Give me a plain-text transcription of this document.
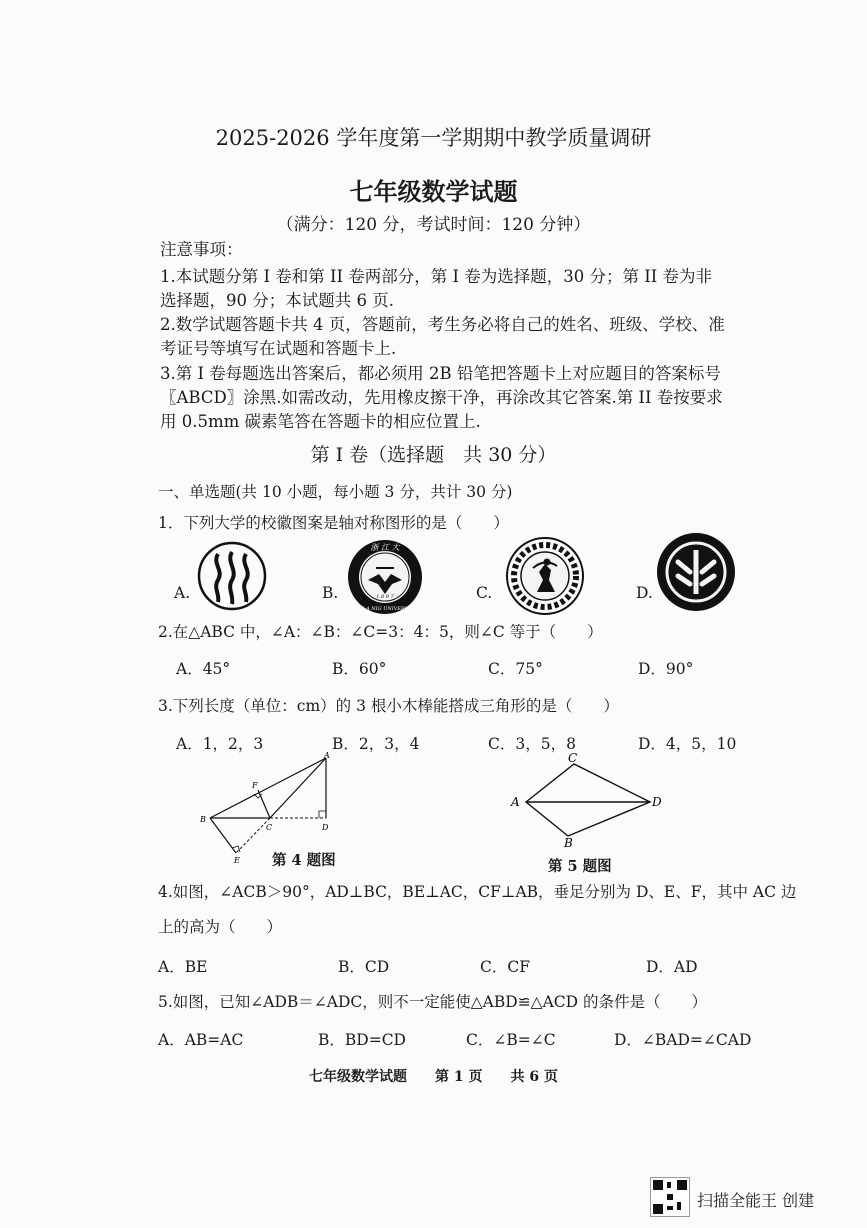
2025-2026 学年度第一学期期中教学质量调研
七年级数学试题
（满分：120 分，考试时间：120 分钟）
注意事项：
1.本试题分第 I 卷和第 II 卷两部分，第 I 卷为选择题，30 分；第 II 卷为非
选择题，90 分；本试题共 6 页.
2.数学试题答题卡共 4 页，答题前，考生务必将自己的姓名、班级、学校、准
考证号等填写在试题和答题卡上.
3.第 I 卷每题选出答案后，都必须用 2B 铅笔把答题卡上对应题目的答案标号
〖ABCD〗涂黑.如需改动，先用橡皮擦干净，再涂改其它答案.第 II 卷按要求
用 0.5mm 碳素笔答在答题卡的相应位置上.
第 I 卷（选择题　共 30 分）
一、单选题(共 10 小题，每小题 3 分，共计 30 分)
1．下列大学的校徽图案是轴对称图形的是（　　）
A.	B.	C.	D.
浙 江 大
1 8 9 7
THE A NIG UNIVERSITY
2.在△ABC 中，∠A：∠B：∠C=3：4：5，则∠C 等于（　　）
A．45°	B．60°	C．75°	D．90°
3.下列长度（单位：cm）的 3 根小木棒能搭成三角形的是（　　）
A．1，2，3	B．2，3，4	C．3，5，8	D．4，5，10
A
F
B
C	D
E 第 4 题图
C
A	D
B
第 5 题图
4.如图，∠ACB＞90°，AD⊥BC，BE⊥AC，CF⊥AB，垂足分别为 D、E、F，其中 AC 边
上的高为（　　）
A．BE	B．CD	C．CF	D．AD
5.如图，已知∠ADB＝∠ADC，则不一定能使△ABD≌△ACD 的条件是（　　）
A．AB=AC	B．BD=CD	C．∠B=∠C	D．∠BAD=∠CAD
七年级数学试题　　第 1 页　　共 6 页
扫描全能王 创建
